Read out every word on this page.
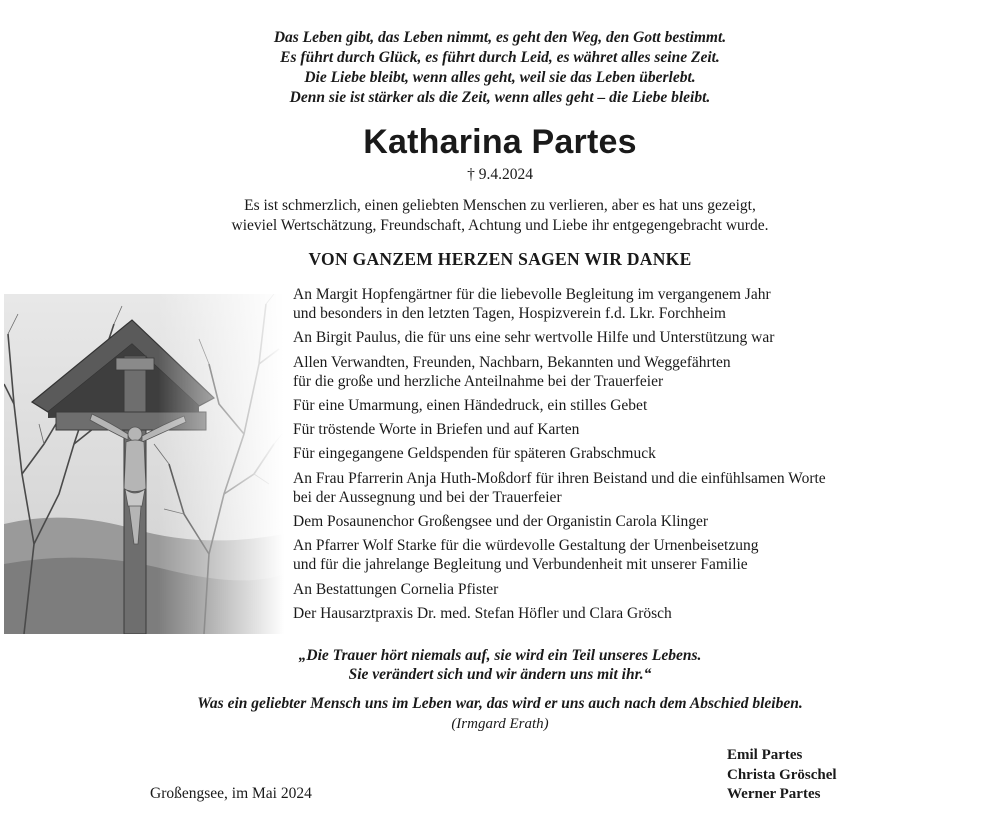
Das Leben gibt, das Leben nimmt, es geht den Weg, den Gott bestimmt.
Es führt durch Glück, es führt durch Leid, es währet alles seine Zeit.
Die Liebe bleibt, wenn alles geht, weil sie das Leben überlebt.
Denn sie ist stärker als die Zeit, wenn alles geht – die Liebe bleibt.
Katharina Partes
† 9.4.2024
Es ist schmerzlich, einen geliebten Menschen zu verlieren, aber es hat uns gezeigt,
wieviel Wertschätzung, Freundschaft, Achtung und Liebe ihr entgegengebracht wurde.
VON GANZEM HERZEN SAGEN WIR DANKE
An Margit Hopfengärtner für die liebevolle Begleitung im vergangenem Jahr
und besonders in den letzten Tagen, Hospizverein f.d. Lkr. Forchheim
An Birgit Paulus, die für uns eine sehr wertvolle Hilfe und Unterstützung war
Allen Verwandten, Freunden, Nachbarn, Bekannten und Weggefährten
für die große und herzliche Anteilnahme bei der Trauerfeier
Für eine Umarmung, einen Händedruck, ein stilles Gebet
Für tröstende Worte in Briefen und auf Karten
Für eingegangene Geldspenden für späteren Grabschmuck
An Frau Pfarrerin Anja Huth-Moßdorf für ihren Beistand und die einfühlsamen Worte
bei der Aussegnung und bei der Trauerfeier
Dem Posaunenchor Großengsee und der Organistin Carola Klinger
An Pfarrer Wolf Starke für die würdevolle Gestaltung der Urnenbeisetzung
und für die jahrelange Begleitung und Verbundenheit mit unserer Familie
An Bestattungen Cornelia Pfister
Der Hausarztpraxis Dr. med. Stefan Höfler und Clara Grösch
„Die Trauer hört niemals auf, sie wird ein Teil unseres Lebens.
Sie verändert sich und wir ändern uns mit ihr.“
Was ein geliebter Mensch uns im Leben war, das wird er uns auch nach dem Abschied bleiben.
(Irmgard Erath)
Großengsee, im Mai 2024
Emil Partes
Christa Gröschel
Werner Partes
